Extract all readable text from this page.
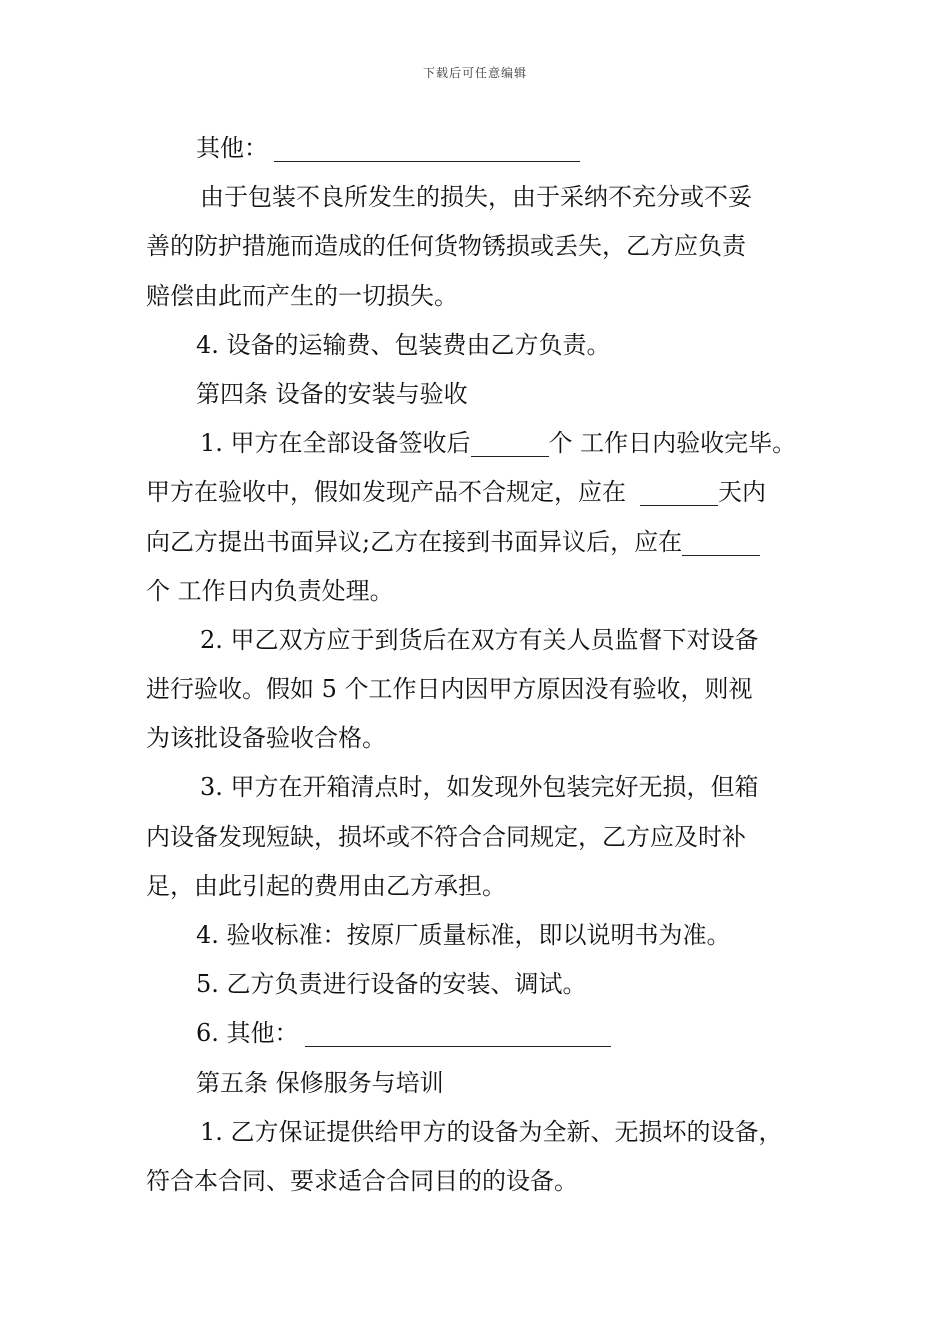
下载后可任意编辑
其他：
由于包装不良所发生的损失，由于采纳不充分或不妥
善的防护措施而造成的任何货物锈损或丢失，乙方应负责
赔偿由此而产生的一切损失。
4. 设备的运输费、包装费由乙方负责。
第四条 设备的安装与验收
1. 甲方在全部设备签收后	个 工作日内验收完毕。
甲方在验收中，假如发现产品不合规定，应在	天内
向乙方提出书面异议;乙方在接到书面异议后，应在
个 工作日内负责处理。
2. 甲乙双方应于到货后在双方有关人员监督下对设备
进行验收。假如 5 个工作日内因甲方原因没有验收，则视
为该批设备验收合格。
3. 甲方在开箱清点时，如发现外包装完好无损，但箱
内设备发现短缺，损坏或不符合合同规定，乙方应及时补
足，由此引起的费用由乙方承担。
4. 验收标准：按原厂质量标准，即以说明书为准。
5. 乙方负责进行设备的安装、调试。
6. 其他：
第五条 保修服务与培训
1. 乙方保证提供给甲方的设备为全新、无损坏的设备，
符合本合同、要求适合合同目的的设备。
